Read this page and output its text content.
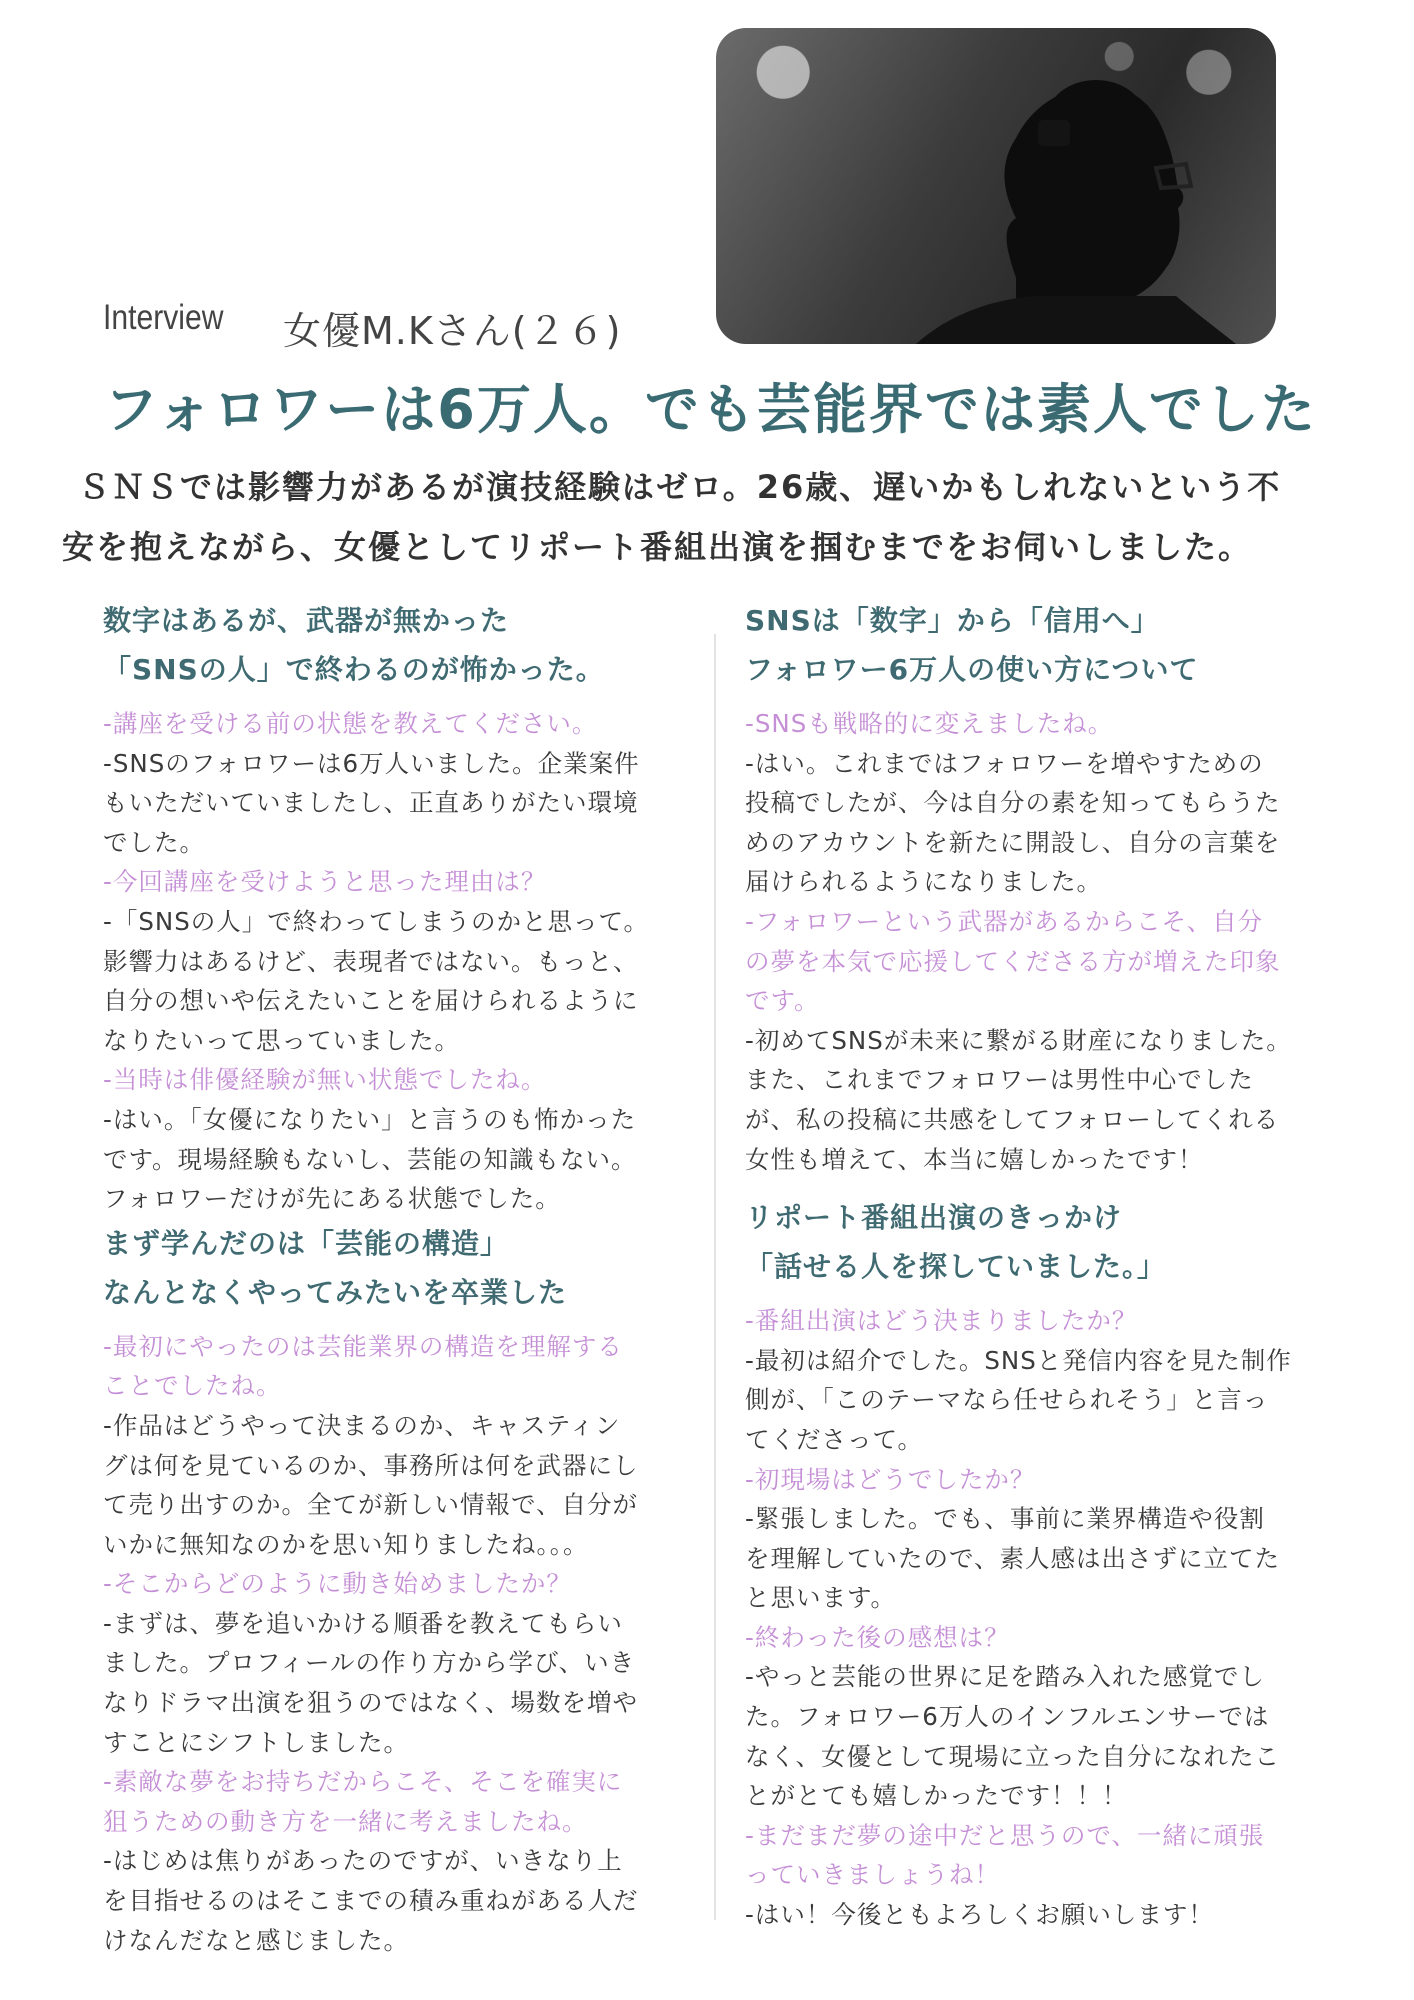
Interview 女優M.Kさん(２６)
フォロワーは6万人。でも芸能界では素人でした
ＳＮＳでは影響力があるが演技経験はゼロ。26歳、遅いかもしれないという不
安を抱えながら、女優としてリポート番組出演を掴むまでをお伺いしました。
数字はあるが、武器が無かった
「SNSの人」で終わるのが怖かった。
-講座を受ける前の状態を教えてください。
-SNSのフォロワーは6万人いました。企業案件
もいただいていましたし、正直ありがたい環境
でした。
-今回講座を受けようと思った理由は？
-「SNSの人」で終わってしまうのかと思って。
影響力はあるけど、表現者ではない。もっと、
自分の想いや伝えたいことを届けられるように
なりたいって思っていました。
-当時は俳優経験が無い状態でしたね。
-はい。「女優になりたい」と言うのも怖かった
です。現場経験もないし、芸能の知識もない。
フォロワーだけが先にある状態でした。
まず学んだのは「芸能の構造」
なんとなくやってみたいを卒業した
-最初にやったのは芸能業界の構造を理解する
ことでしたね。
-作品はどうやって決まるのか、キャスティン
グは何を見ているのか、事務所は何を武器にし
て売り出すのか。全てが新しい情報で、自分が
いかに無知なのかを思い知りましたね。。。
-そこからどのように動き始めましたか？
-まずは、夢を追いかける順番を教えてもらい
ました。プロフィールの作り方から学び、いき
なりドラマ出演を狙うのではなく、場数を増や
すことにシフトしました。
-素敵な夢をお持ちだからこそ、そこを確実に
狙うための動き方を一緒に考えましたね。
-はじめは焦りがあったのですが、いきなり上
を目指せるのはそこまでの積み重ねがある人だ
けなんだなと感じました。
SNSは「数字」から「信用へ」
フォロワー6万人の使い方について
-SNSも戦略的に変えましたね。
-はい。これまではフォロワーを増やすための
投稿でしたが、今は自分の素を知ってもらうた
めのアカウントを新たに開設し、自分の言葉を
届けられるようになりました。
-フォロワーという武器があるからこそ、自分
の夢を本気で応援してくださる方が増えた印象
です。
-初めてSNSが未来に繋がる財産になりました。
また、これまでフォロワーは男性中心でした
が、私の投稿に共感をしてフォローしてくれる
女性も増えて、本当に嬉しかったです！
リポート番組出演のきっかけ
「話せる人を探していました。」
-番組出演はどう決まりましたか？
-最初は紹介でした。SNSと発信内容を見た制作
側が、「このテーマなら任せられそう」と言っ
てくださって。
-初現場はどうでしたか？
-緊張しました。でも、事前に業界構造や役割
を理解していたので、素人感は出さずに立てた
と思います。
-終わった後の感想は？
-やっと芸能の世界に足を踏み入れた感覚でし
た。フォロワー6万人のインフルエンサーでは
なく、女優として現場に立った自分になれたこ
とがとても嬉しかったです！！！
-まだまだ夢の途中だと思うので、一緒に頑張
っていきましょうね！
-はい！今後ともよろしくお願いします！
